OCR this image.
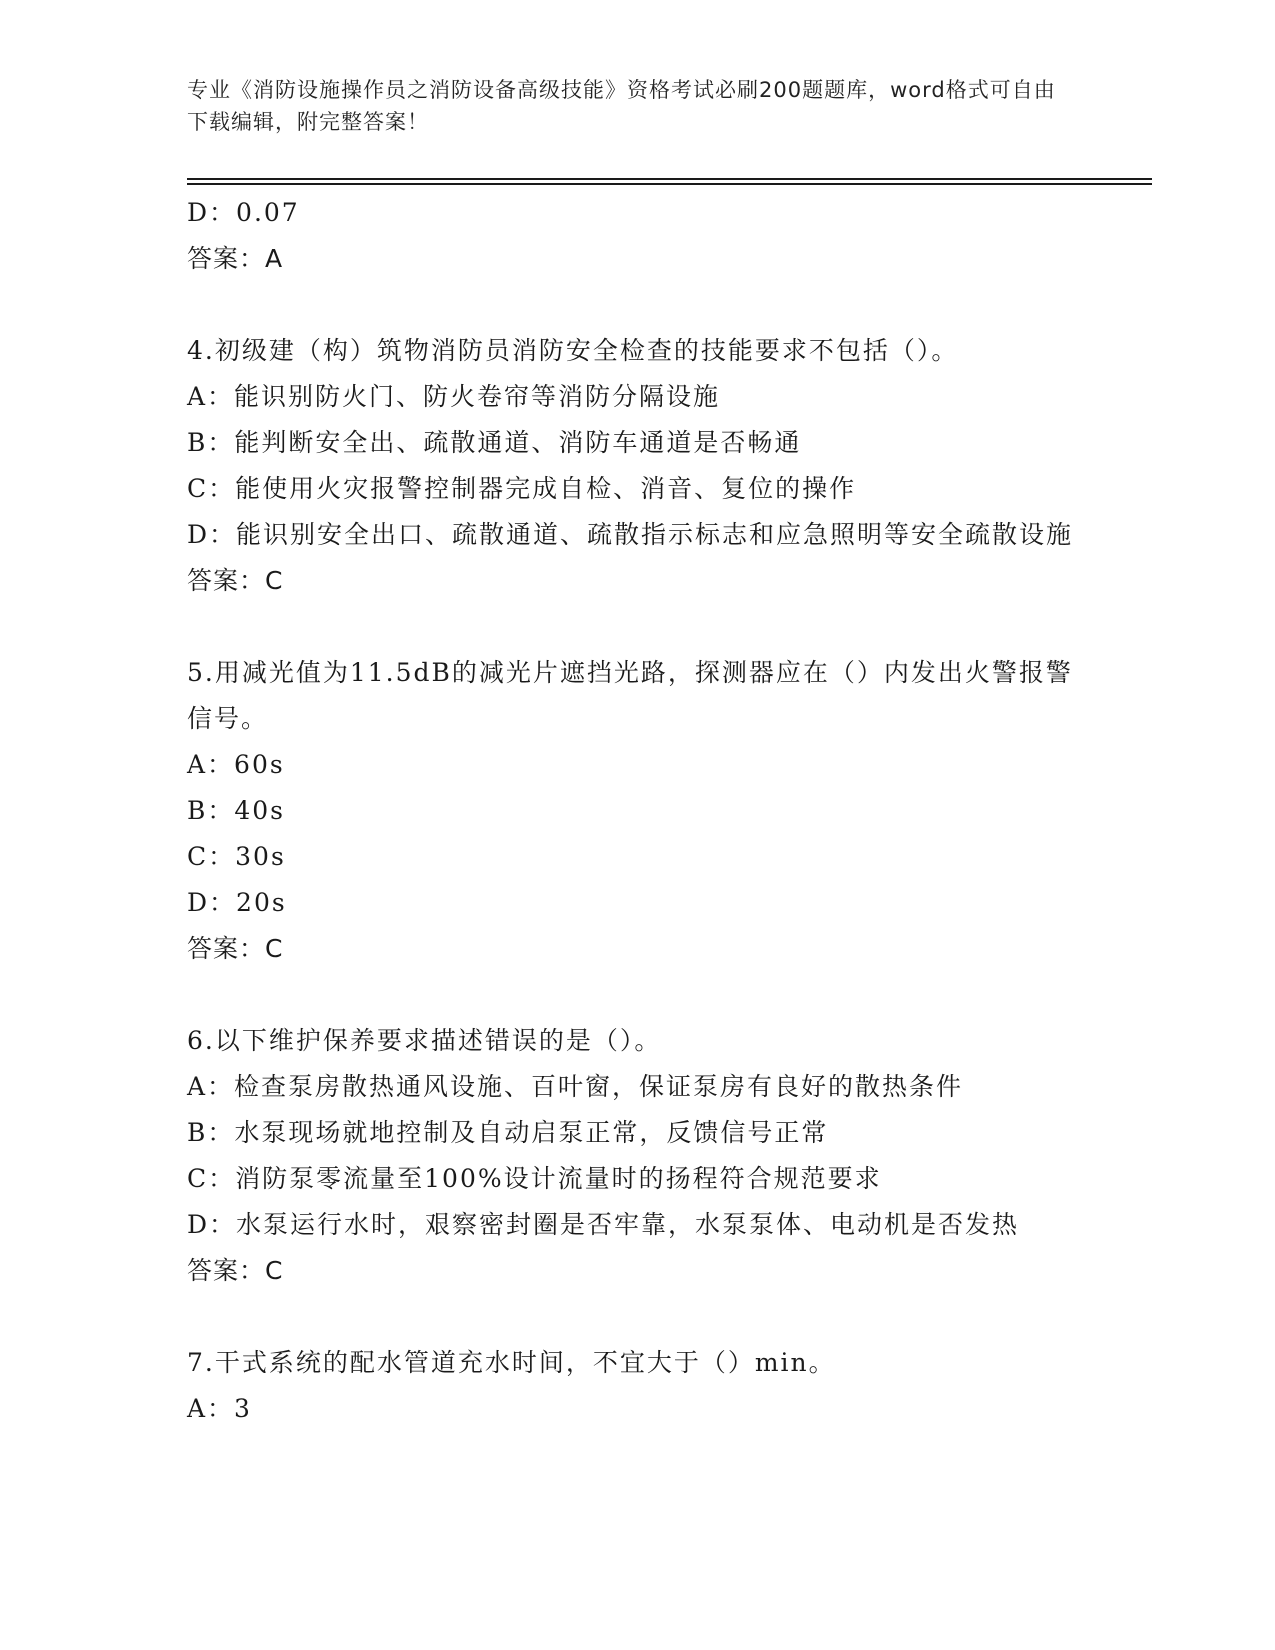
专业《消防设施操作员之消防设备高级技能》资格考试必刷200题题库，word格式可自由下载编辑，附完整答案！
D：0.07
答案：A
4.初级建（构）筑物消防员消防安全检查的技能要求不包括（）。
A：能识别防火门、防火卷帘等消防分隔设施
B：能判断安全出、疏散通道、消防车通道是否畅通
C：能使用火灾报警控制器完成自检、消音、复位的操作
D：能识别安全出口、疏散通道、疏散指示标志和应急照明等安全疏散设施
答案：C
5.用减光值为11.5dB的减光片遮挡光路，探测器应在（）内发出火警报警信号。
A：60s
B：40s
C：30s
D：20s
答案：C
6.以下维护保养要求描述错误的是（）。
A：检查泵房散热通风设施、百叶窗，保证泵房有良好的散热条件
B：水泵现场就地控制及自动启泵正常，反馈信号正常
C：消防泵零流量至100%设计流量时的扬程符合规范要求
D：水泵运行水时，艰察密封圈是否牢靠，水泵泵体、电动机是否发热
答案：C
7.干式系统的配水管道充水时间，不宜大于（）min。
A：3
